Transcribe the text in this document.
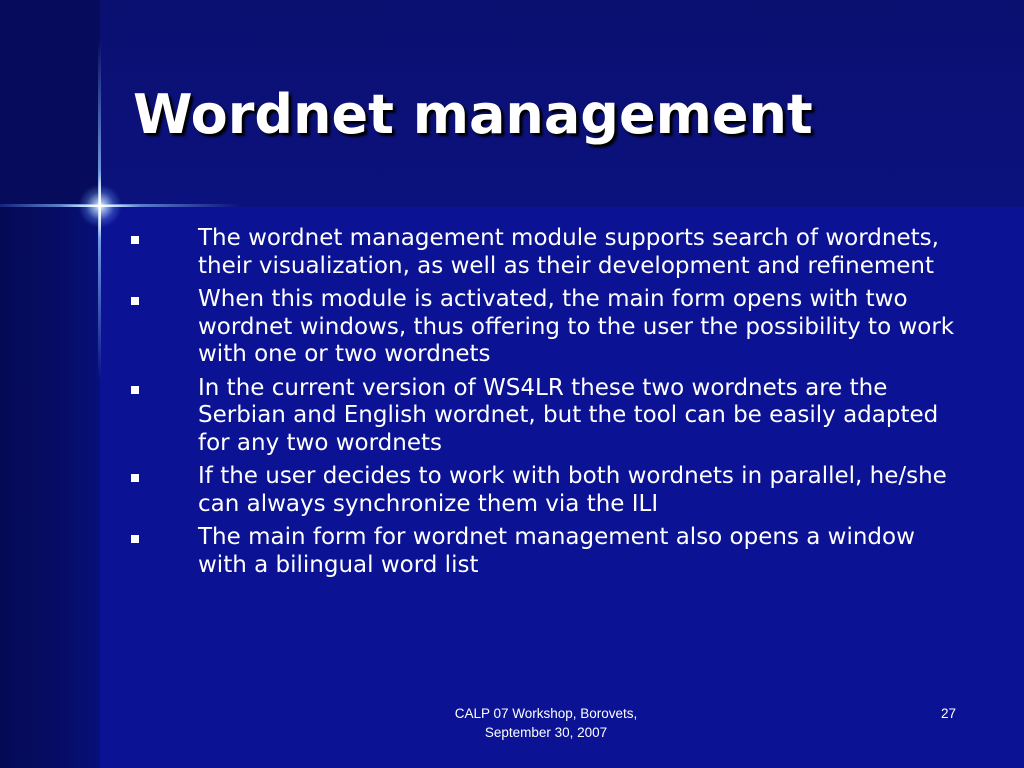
Wordnet management
The wordnet management module supports search of wordnets, their visualization, as well as their development and refinement
When this module is activated, the main form opens with two wordnet windows, thus offering to the user the possibility to work with one or two wordnets
In the current version of WS4LR these two wordnets are the Serbian and English wordnet, but the tool can be easily adapted for any two wordnets
If the user decides to work with both wordnets in parallel, he/she can always synchronize them via the ILI
The main form for wordnet management also opens a window with a bilingual word list
CALP 07 Workshop, Borovets,
September 30, 2007
27
